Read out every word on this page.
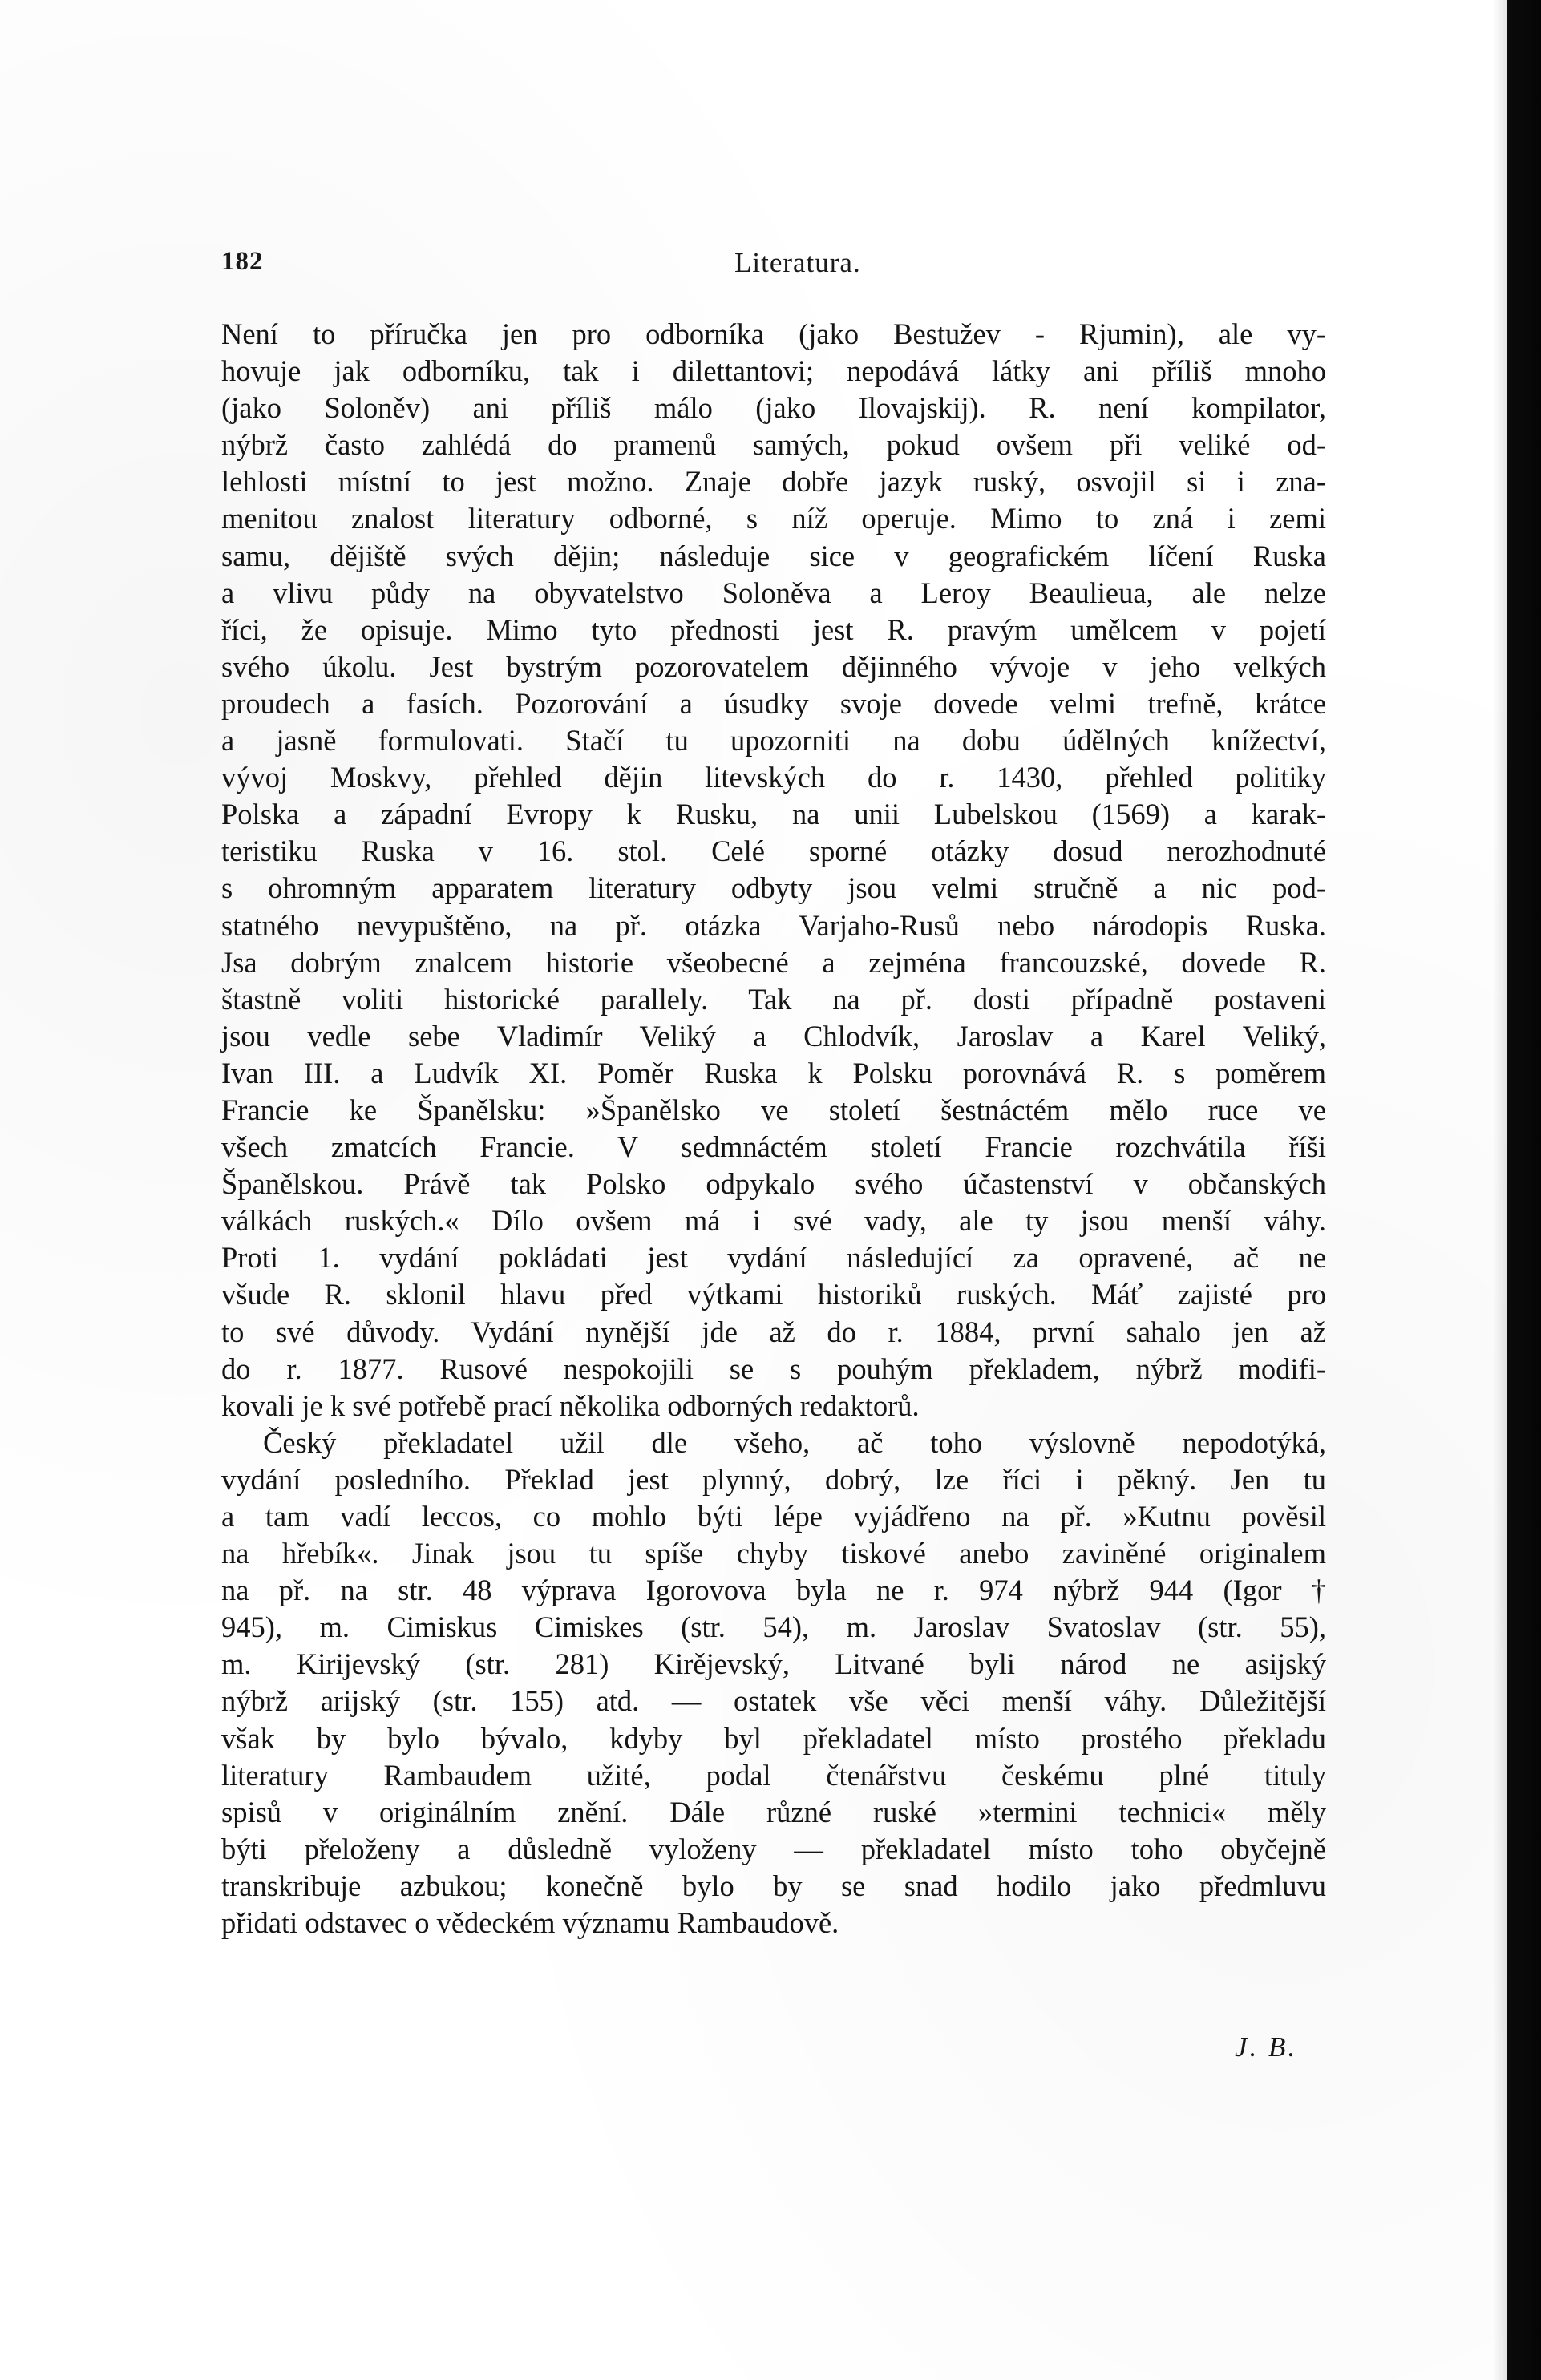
182	Literatura.
Není to příručka jen pro odborníka (jako Bestužev - Rjumin), ale vy-
hovuje jak odborníku, tak i dilettantovi; nepodává látky ani příliš mnoho
(jako Soloněv) ani příliš málo (jako Ilovajskij). R. není kompilator,
nýbrž často zahlédá do pramenů samých, pokud ovšem při veliké od-
lehlosti místní to jest možno. Znaje dobře jazyk ruský, osvojil si i zna-
menitou znalost literatury odborné, s níž operuje. Mimo to zná i zemi
samu, dějiště svých dějin; následuje sice v geografickém líčení Ruska
a vlivu půdy na obyvatelstvo Soloněva a Leroy Beaulieua, ale nelze
říci, že opisuje. Mimo tyto přednosti jest R. pravým umělcem v pojetí
svého úkolu. Jest bystrým pozorovatelem dějinného vývoje v jeho velkých
proudech a fasích. Pozorování a úsudky svoje dovede velmi trefně, krátce
a jasně formulovati. Stačí tu upozorniti na dobu údělných knížectví,
vývoj Moskvy, přehled dějin litevských do r. 1430, přehled politiky
Polska a západní Evropy k Rusku, na unii Lubelskou (1569) a karak-
teristiku Ruska v 16. stol. Celé sporné otázky dosud nerozhodnuté
s ohromným apparatem literatury odbyty jsou velmi stručně a nic pod-
statného nevypuštěno, na př. otázka Varjaho-Rusů nebo národopis Ruska.
Jsa dobrým znalcem historie všeobecné a zejména francouzské, dovede R.
štastně voliti historické parallely. Tak na př. dosti případně postaveni
jsou vedle sebe Vladimír Veliký a Chlodvík, Jaroslav a Karel Veliký,
Ivan III. a Ludvík XI. Poměr Ruska k Polsku porovnává R. s poměrem
Francie ke Španělsku: »Španělsko ve století šestnáctém mělo ruce ve
všech zmatcích Francie. V sedmnáctém století Francie rozchvátila říši
Španělskou. Právě tak Polsko odpykalo svého účastenství v občanských
válkách ruských.« Dílo ovšem má i své vady, ale ty jsou menší váhy.
Proti 1. vydání pokládati jest vydání následující za opravené, ač ne
všude R. sklonil hlavu před výtkami historiků ruských. Máť zajisté pro
to své důvody. Vydání nynější jde až do r. 1884, první sahalo jen až
do r. 1877. Rusové nespokojili se s pouhým překladem, nýbrž modifi-
kovali je k své potřebě prací několika odborných redaktorů.
Český překladatel užil dle všeho, ač toho výslovně nepodotýká,
vydání posledního. Překlad jest plynný, dobrý, lze říci i pěkný. Jen tu
a tam vadí leccos, co mohlo býti lépe vyjádřeno na př. »Kutnu pověsil
na hřebík«. Jinak jsou tu spíše chyby tiskové anebo zaviněné originalem
na př. na str. 48 výprava Igorovova byla ne r. 974 nýbrž 944 (Igor †
945), m. Cimiskus Cimiskes (str. 54), m. Jaroslav Svatoslav (str. 55),
m. Kirijevský (str. 281) Kirějevský, Litvané byli národ ne asijský
nýbrž arijský (str. 155) atd. — ostatek vše věci menší váhy. Důležitější
však by bylo bývalo, kdyby byl překladatel místo prostého překladu
literatury Rambaudem užité, podal čtenářstvu českému plné tituly
spisů v originálním znění. Dále různé ruské »termini technici« měly
býti přeloženy a důsledně vyloženy — překladatel místo toho obyčejně
transkribuje azbukou; konečně bylo by se snad hodilo jako předmluvu
přidati odstavec o vědeckém významu Rambaudově.
J. B.
